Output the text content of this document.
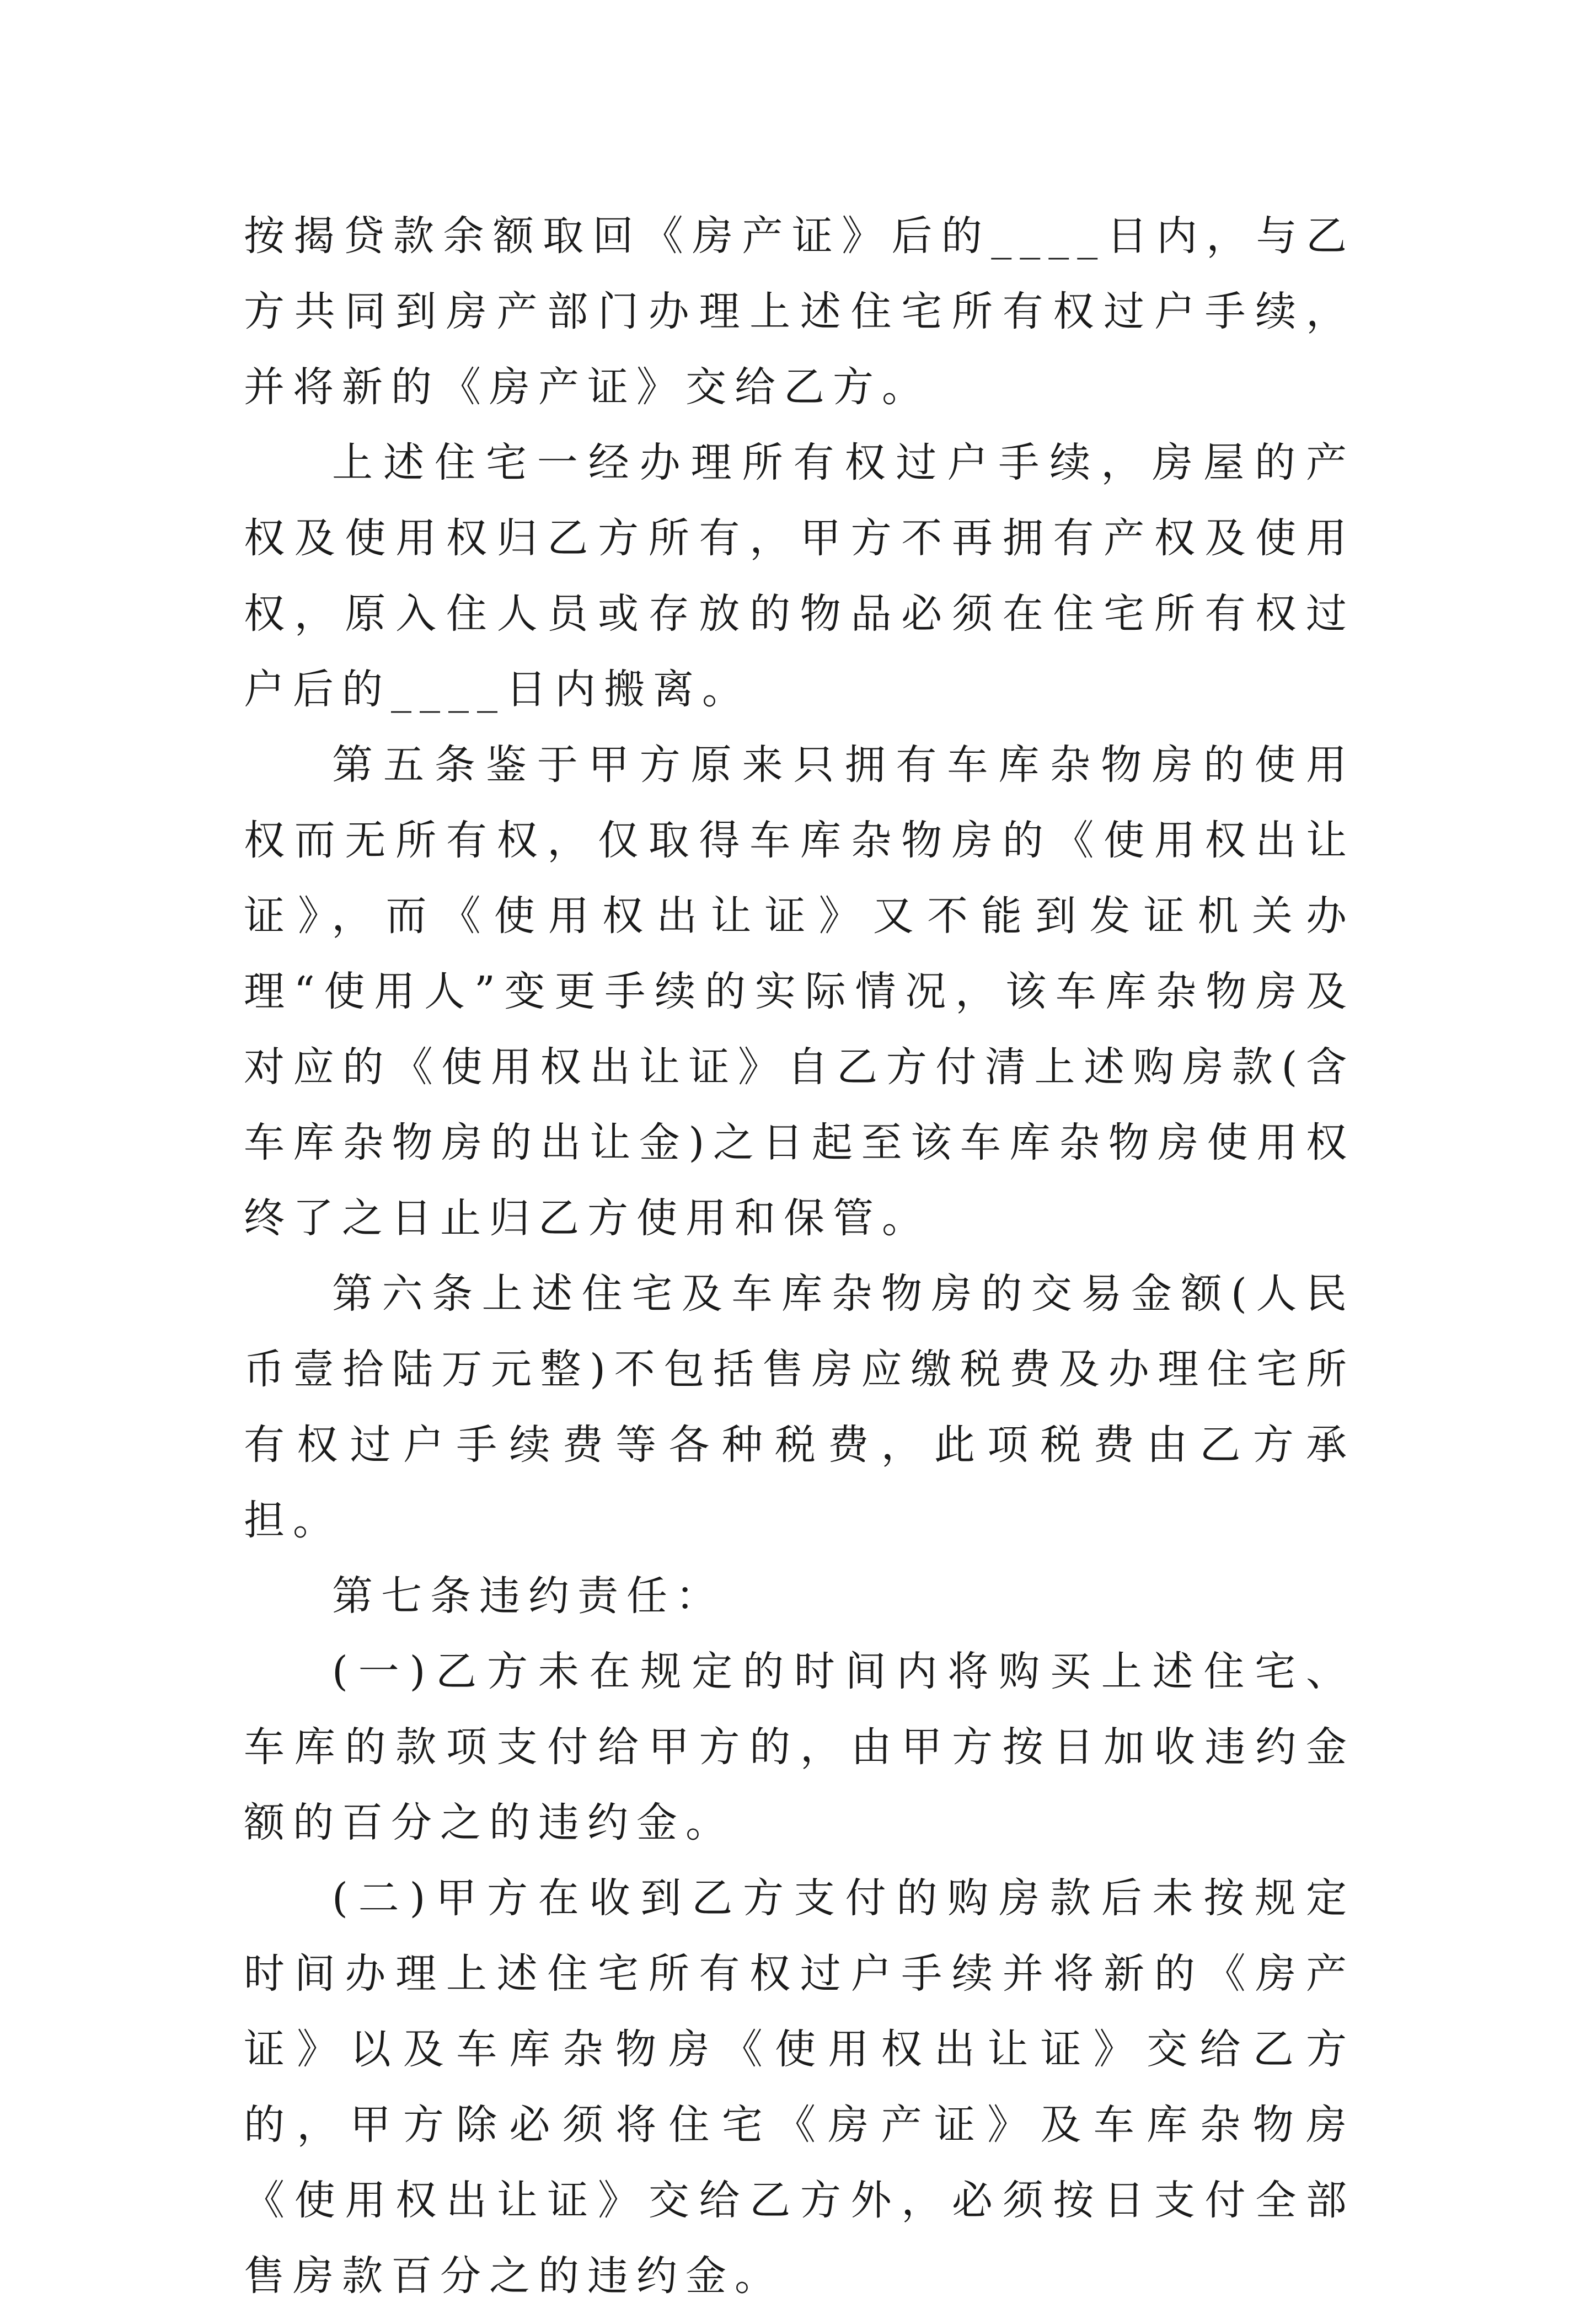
按揭贷款余额取回《房产证》后的____日内，与乙方共同到房产部门办理上述住宅所有权过户手续，并将新的《房产证》交给乙方。

上述住宅一经办理所有权过户手续，房屋的产权及使用权归乙方所有，甲方不再拥有产权及使用权，原入住人员或存放的物品必须在住宅所有权过户后的____日内搬离。

第五条鉴于甲方原来只拥有车库杂物房的使用权而无所有权，仅取得车库杂物房的《使用权出让证》，而《使用权出让证》又不能到发证机关办理“使用人”变更手续的实际情况，该车库杂物房及对应的《使用权出让证》自乙方付清上述购房款(含车库杂物房的出让金)之日起至该车库杂物房使用权终了之日止归乙方使用和保管。

第六条上述住宅及车库杂物房的交易金额(人民币壹拾陆万元整)不包括售房应缴税费及办理住宅所有权过户手续费等各种税费，此项税费由乙方承担。

第七条违约责任：

(一)乙方未在规定的时间内将购买上述住宅、车库的款项支付给甲方的，由甲方按日加收违约金额的百分之的违约金。

(二)甲方在收到乙方支付的购房款后未按规定时间办理上述住宅所有权过户手续并将新的《房产证》以及车库杂物房《使用权出让证》交给乙方的，甲方除必须将住宅《房产证》及车库杂物房《使用权出让证》交给乙方外，必须按日支付全部售房款百分之的违约金。
